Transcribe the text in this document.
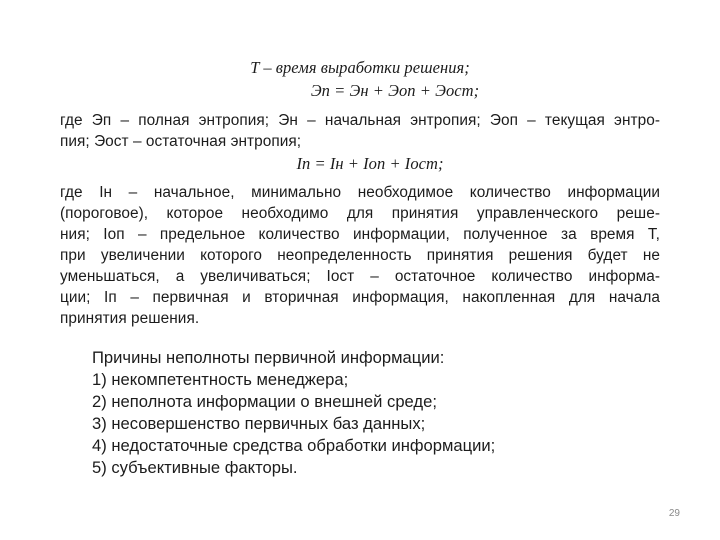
T – время выработки решения;
Эп = Эн + Эоп + Эост;
где Эп – полная энтропия; Эн – начальная энтропия; Эоп – текущая энтро-
пия; Эост – остаточная энтропия;
Iп = Iн + Iоп + Iост;
где Iн – начальное, минимально необходимое количество информации
(пороговое), которое необходимо для принятия управленческого реше-
ния; Iоп – предельное количество информации, полученное за время T,
при увеличении которого неопределенность принятия решения будет не
уменьшаться, а увеличиваться; Iост – остаточное количество информа-
ции; Iп – первичная и вторичная информация, накопленная для начала
принятия решения.
Причины неполноты первичной информации:
1) некомпетентность менеджера;
2) неполнота информации о внешней среде;
3) несовершенство первичных баз данных;
4) недостаточные средства обработки информации;
5) субъективные факторы.
29
